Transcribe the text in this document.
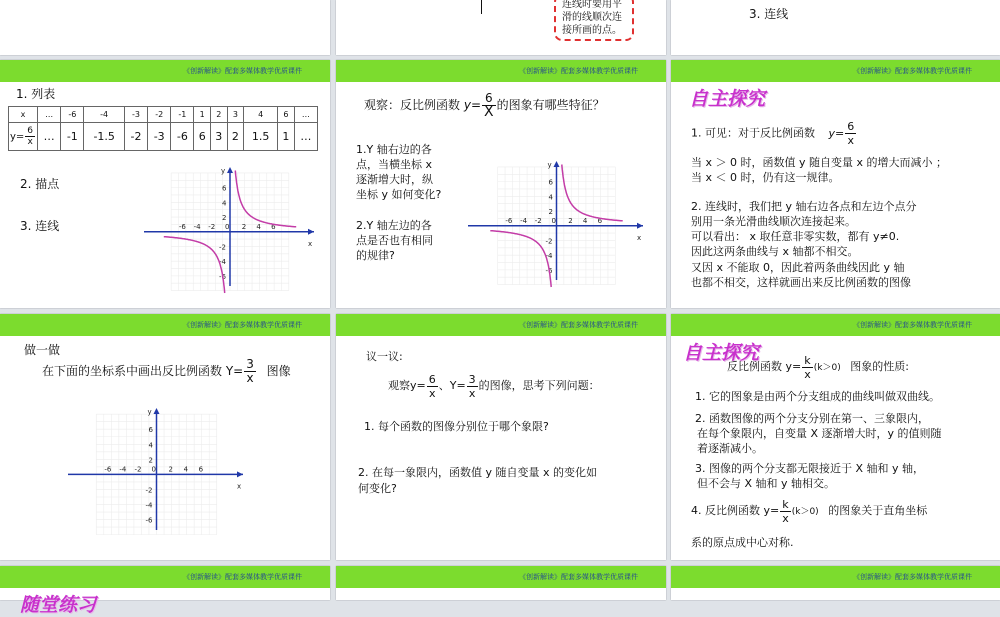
连线时要用平
滑的线顺次连
接所画的点。
3. 连线
《创新解读》配套多媒体教学优质课件
1. 列表
x	…	-6	-4	-3	-2	-1	1	2	3	4	6	…
$y= \frac{6}{x}$	…	-1	-1.5	-2	-3	-6	6	3	2	1.5	1	…
2. 描点
3. 连线
x
y
-6 -4 -2 0 2 4 6
6
4
2
-2
-4
-6
《创新解读》配套多媒体教学优质课件
观察：反比例函数 $y= \frac{6}{X}$ 的图象有哪些特征？
1.Y 轴右边的各
点，当横坐标 x
逐渐增大时，纵
坐标 y 如何变化?
2.Y 轴左边的各
点是否也有相同
的规律?
x
y
-6 -4 -2 0 2 4 6
6
4
2
-2
-4
-6
《创新解读》配套多媒体教学优质课件
自主探究
1. 可见：对于反比例函数 $y= \frac{6}{x}$
当 x ＞ 0 时，函数值 y 随自变量 x 的增大而减小 ；
当 x ＜ 0 时，仍有这一规律。
2. 连线时，我们把 y 轴右边各点和左边个点分
别用一条光滑曲线顺次连接起来。
可以看出： x 取任意非零实数，都有 y≠0.
因此这两条曲线与 x 轴都不相交。
又因 x 不能取 0，因此着两条曲线因此 y 轴
也都不相交，这样就画出来反比例函数的图像
《创新解读》配套多媒体教学优质课件
做一做
在下面的坐标系中画出反比例函数 $Y= \frac{3}{x}$ 图像
x
y
-6 -4 -2 0 2 4 6
6
4
2
-2
-4
-6
《创新解读》配套多媒体教学优质课件
议一议:
观察$y= \frac{6}{x}$ 、$Y= \frac{3}{x}$ 的图像，思考下列问题：
1. 每个函数的图像分别位于哪个象限?
2. 在每一象限内，函数值 y 随自变量 x 的变化如
何变化?
《创新解读》配套多媒体教学优质课件
自主探究
反比例函数 $y= \frac{k}{x} (k>0)$ 图象的性质:
1. 它的图象是由两个分支组成的曲线叫做双曲线。
2. 函数图像的两个分支分别在第一、三象限内，
在每个象限内，自变量 X 逐渐增大时，y 的值则随
着逐渐减小。
3. 图像的两个分支都无限接近于 X 轴和 y 轴，
但不会与 X 轴和 y 轴相交。
4. 反比例函数 $y= \frac{k}{x} (k>0)$ 的图象关于直角坐标
系的原点成中心对称.
《创新解读》配套多媒体教学优质课件
随堂练习
《创新解读》配套多媒体教学优质课件	《创新解读》配套多媒体教学优质课件
